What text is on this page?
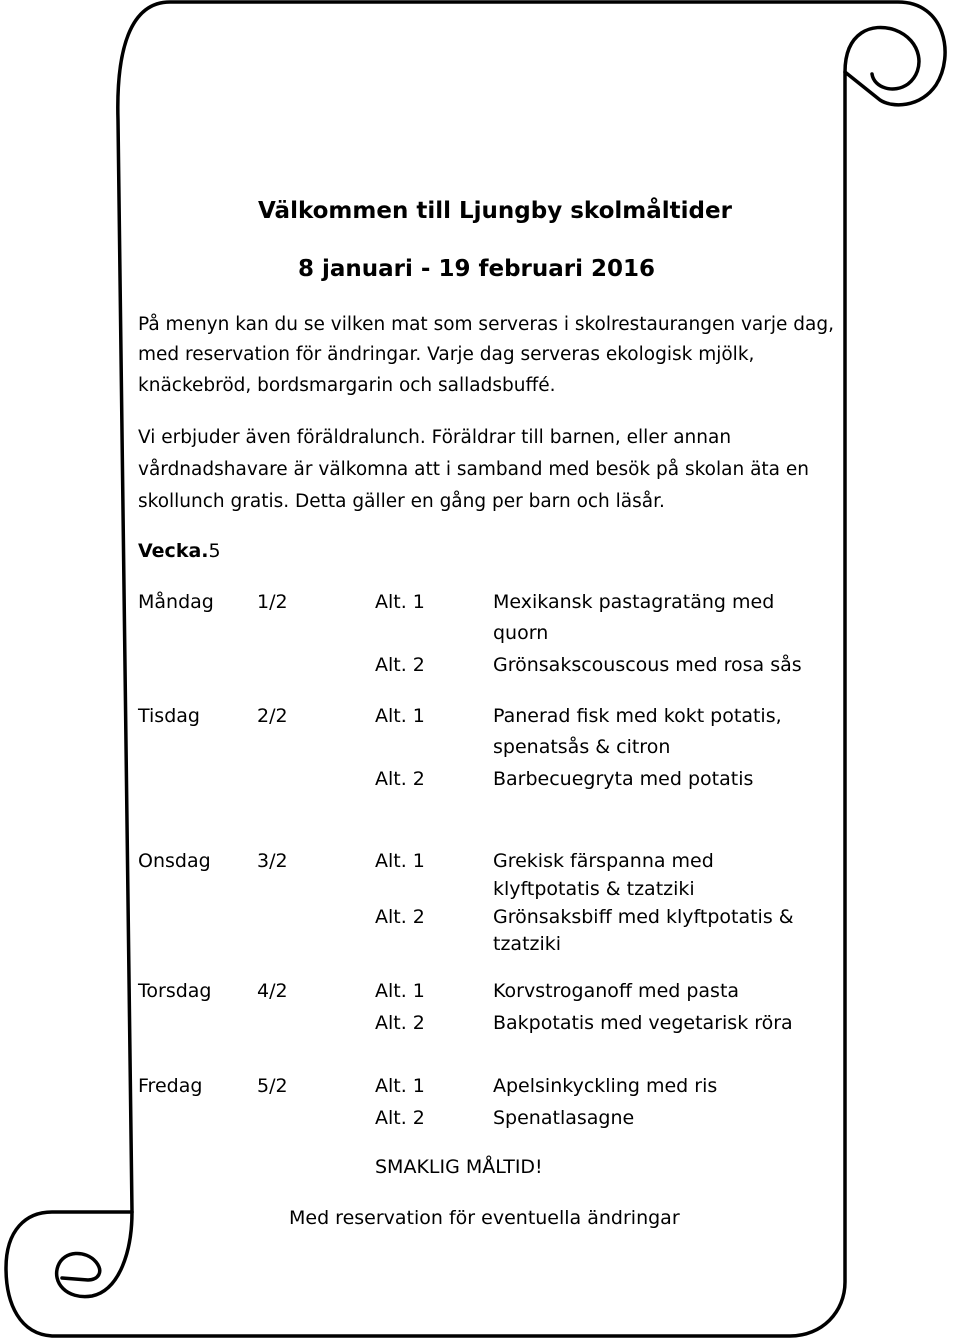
Välkommen till Ljungby skolmåltider
8 januari - 19 februari 2016
På menyn kan du se vilken mat som serveras i skolrestaurangen varje dag,
med reservation för ändringar. Varje dag serveras ekologisk mjölk,
knäckebröd, bordsmargarin och salladsbuffé.
Vi erbjuder även föräldralunch. Föräldrar till barnen, eller annan
vårdnadshavare är välkomna att i samband med besök på skolan äta en
skollunch gratis. Detta gäller en gång per barn och läsår.
Vecka.5
Måndag 1/2	Alt. 1	Mexikansk pastagratäng med
quorn
Alt. 2	Grönsakscouscous med rosa sås
Tisdag	2/2	Alt. 1	Panerad fisk med kokt potatis,
spenatsås & citron
Alt. 2	Barbecuegryta med potatis
Onsdag 3/2	Alt. 1	Grekisk färspanna med
klyftpotatis & tzatziki
Alt. 2	Grönsaksbiff med klyftpotatis &
tzatziki
Torsdag 4/2	Alt. 1	Korvstroganoff med pasta
Alt. 2	Bakpotatis med vegetarisk röra
Fredag	5/2	Alt. 1	Apelsinkyckling med ris
Alt. 2	Spenatlasagne
SMAKLIG MÅLTID!
Med reservation för eventuella ändringar
